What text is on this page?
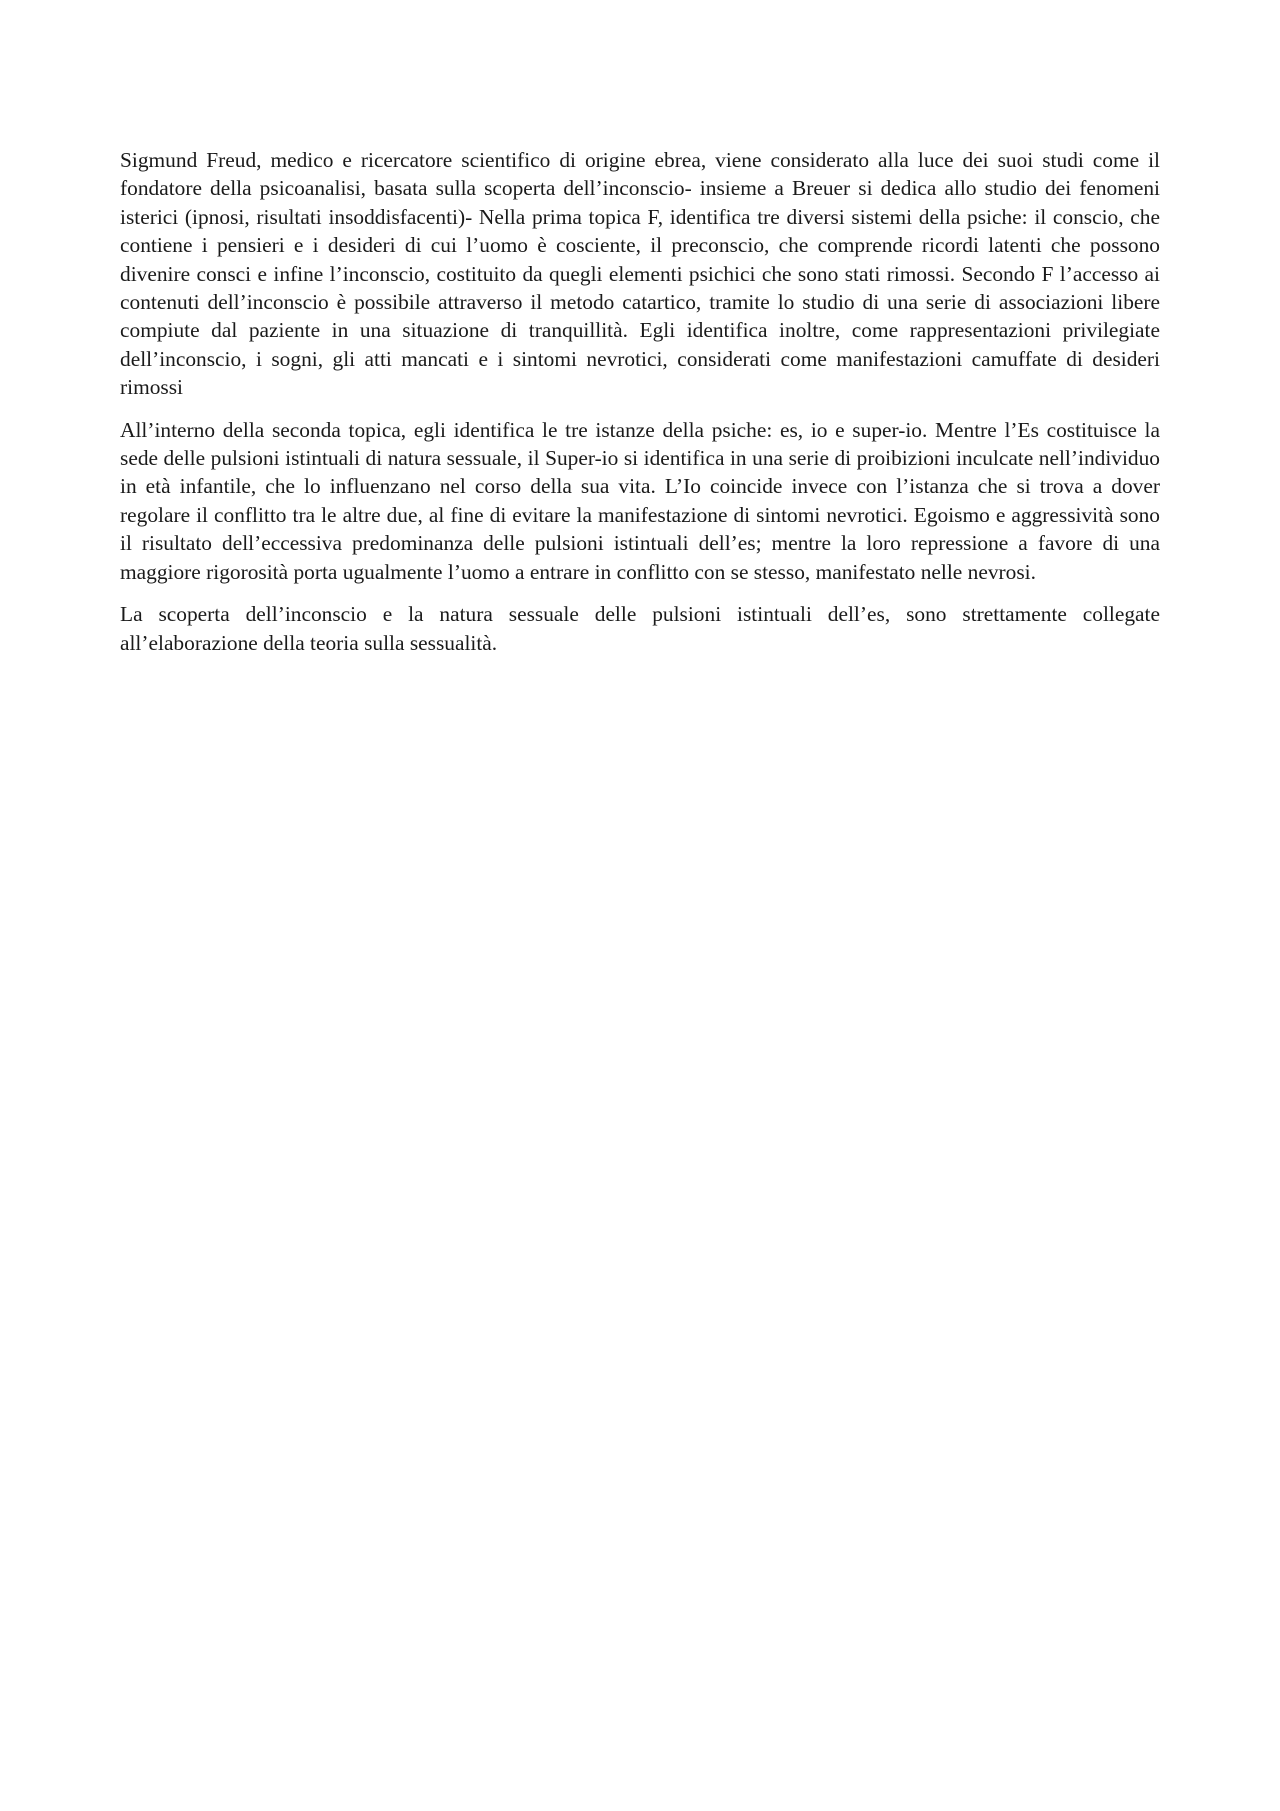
Sigmund Freud, medico e ricercatore scientifico di origine ebrea, viene considerato alla luce dei suoi studi come il fondatore della psicoanalisi, basata sulla scoperta dell’inconscio- insieme a Breuer si dedica allo studio dei fenomeni isterici (ipnosi, risultati insoddisfacenti)- Nella prima topica F, identifica tre diversi sistemi della psiche: il conscio, che contiene i pensieri e i desideri di cui l’uomo è cosciente, il preconscio, che comprende ricordi latenti che possono divenire consci e infine l’inconscio, costituito da quegli elementi psichici che sono stati rimossi. Secondo F l’accesso ai contenuti dell’inconscio è possibile attraverso il metodo catartico, tramite lo studio di una serie di associazioni libere compiute dal paziente in una situazione di tranquillità. Egli identifica inoltre, come rappresentazioni privilegiate dell’inconscio, i sogni, gli atti mancati e i sintomi nevrotici, considerati come manifestazioni camuffate di desideri rimossi

All’interno della seconda topica, egli identifica le tre istanze della psiche: es, io e super-io. Mentre l’Es costituisce la sede delle pulsioni istintuali di natura sessuale, il Super-io si identifica in una serie di proibizioni inculcate nell’individuo in età infantile, che lo influenzano nel corso della sua vita. L’Io coincide invece con l’istanza che si trova a dover regolare il conflitto tra le altre due, al fine di evitare la manifestazione di sintomi nevrotici. Egoismo e aggressività sono il risultato dell’eccessiva predominanza delle pulsioni istintuali dell’es; mentre la loro repressione a favore di una maggiore rigorosità porta ugualmente l’uomo a entrare in conflitto con se stesso, manifestato nelle nevrosi.

La scoperta dell’inconscio e la natura sessuale delle pulsioni istintuali dell’es, sono strettamente collegate all’elaborazione della teoria sulla sessualità.
